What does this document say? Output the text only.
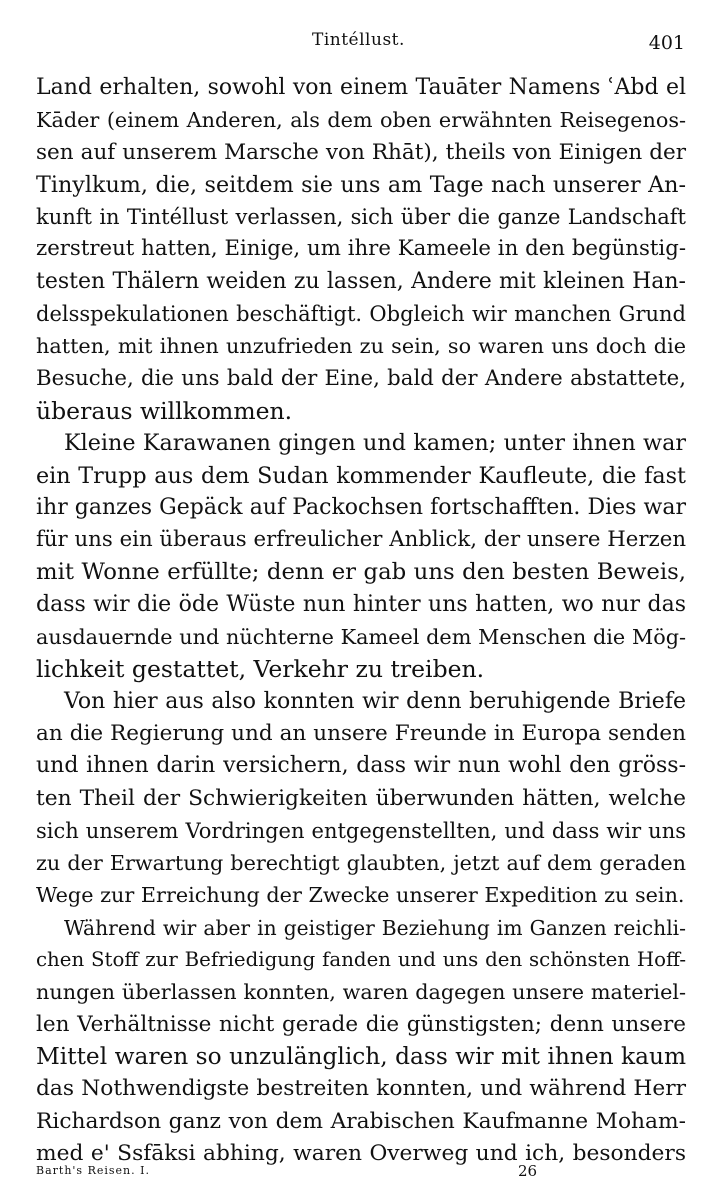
Tintéllust.	401

Land erhalten, sowohl von einem Tauāter Namens ʿAbd el
Kāder (einem Anderen, als dem oben erwähnten Reisegenos-
sen auf unserem Marsche von Rhāt), theils von Einigen der
Tinylkum, die, seitdem sie uns am Tage nach unserer An-
kunft in Tintéllust verlassen, sich über die ganze Landschaft
zerstreut hatten, Einige, um ihre Kameele in den begünstig-
testen Thälern weiden zu lassen, Andere mit kleinen Han-
delsspekulationen beschäftigt. Obgleich wir manchen Grund
hatten, mit ihnen unzufrieden zu sein, so waren uns doch die
Besuche, die uns bald der Eine, bald der Andere abstattete,
überaus willkommen.

Kleine Karawanen gingen und kamen; unter ihnen war
ein Trupp aus dem Sudan kommender Kaufleute, die fast
ihr ganzes Gepäck auf Packochsen fortschafften. Dies war
für uns ein überaus erfreulicher Anblick, der unsere Herzen
mit Wonne erfüllte; denn er gab uns den besten Beweis,
dass wir die öde Wüste nun hinter uns hatten, wo nur das
ausdauernde und nüchterne Kameel dem Menschen die Mög-
lichkeit gestattet, Verkehr zu treiben.

Von hier aus also konnten wir denn beruhigende Briefe
an die Regierung und an unsere Freunde in Europa senden
und ihnen darin versichern, dass wir nun wohl den gröss-
ten Theil der Schwierigkeiten überwunden hätten, welche
sich unserem Vordringen entgegenstellten, und dass wir uns
zu der Erwartung berechtigt glaubten, jetzt auf dem geraden
Wege zur Erreichung der Zwecke unserer Expedition zu sein.

Während wir aber in geistiger Beziehung im Ganzen reichli-
chen Stoff zur Befriedigung fanden und uns den schönsten Hoff-
nungen überlassen konnten, waren dagegen unsere materiel-
len Verhältnisse nicht gerade die günstigsten; denn unsere
Mittel waren so unzulänglich, dass wir mit ihnen kaum
das Nothwendigste bestreiten konnten, und während Herr
Richardson ganz von dem Arabischen Kaufmanne Moham-
med e' Ssfāksi abhing, waren Overweg und ich, besonders

Barth's Reisen. I.	26
